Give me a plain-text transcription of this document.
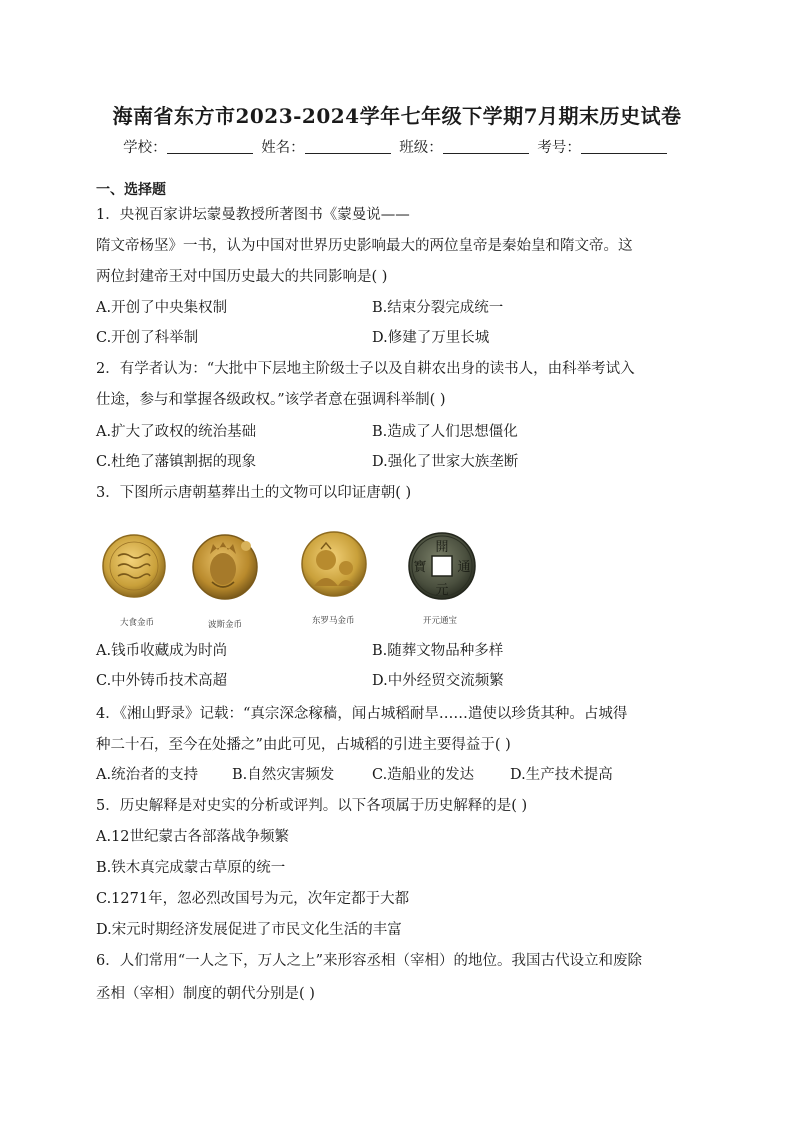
海南省东方市2023-2024学年七年级下学期7月期末历史试卷
学校：	姓名：	班级：	考号：
一、选择题
1．央视百家讲坛蒙曼教授所著图书《蒙曼说——
隋文帝杨坚》一书，认为中国对世界历史影响最大的两位皇帝是秦始皇和隋文帝。这
两位封建帝王对中国历史最大的共同影响是( )
A.开创了中央集权制	B.结束分裂完成统一
C.开创了科举制	D.修建了万里长城
2．有学者认为：“大批中下层地主阶级士子以及自耕农出身的读书人，由科举考试入
仕途，参与和掌握各级政权。”该学者意在强调科举制( )
A.扩大了政权的统治基础	B.造成了人们思想僵化
C.杜绝了藩镇割据的现象	D.强化了世家大族垄断
3．下图所示唐朝墓葬出土的文物可以印证唐朝( )
開
寶
元
通
大食金币	波斯金币	东罗马金币	开元通宝
A.钱币收藏成为时尚	B.随葬文物品种多样
C.中外铸币技术高超	D.中外经贸交流频繁
4．《湘山野录》记载：“真宗深念稼穑，闻占城稻耐旱……遣使以珍货其种。占城得
种二十石，至今在处播之”由此可见，占城稻的引进主要得益于( )
A.统治者的支持 B.自然灾害频发	C.造船业的发达 D.生产技术提高
5．历史解释是对史实的分析或评判。以下各项属于历史解释的是( )
A.12世纪蒙古各部落战争频繁
B.铁木真完成蒙古草原的统一
C.1271年，忽必烈改国号为元，次年定都于大都
D.宋元时期经济发展促进了市民文化生活的丰富
6．人们常用“一人之下，万人之上”来形容丞相（宰相）的地位。我国古代设立和废除
丞相（宰相）制度的朝代分别是( )
